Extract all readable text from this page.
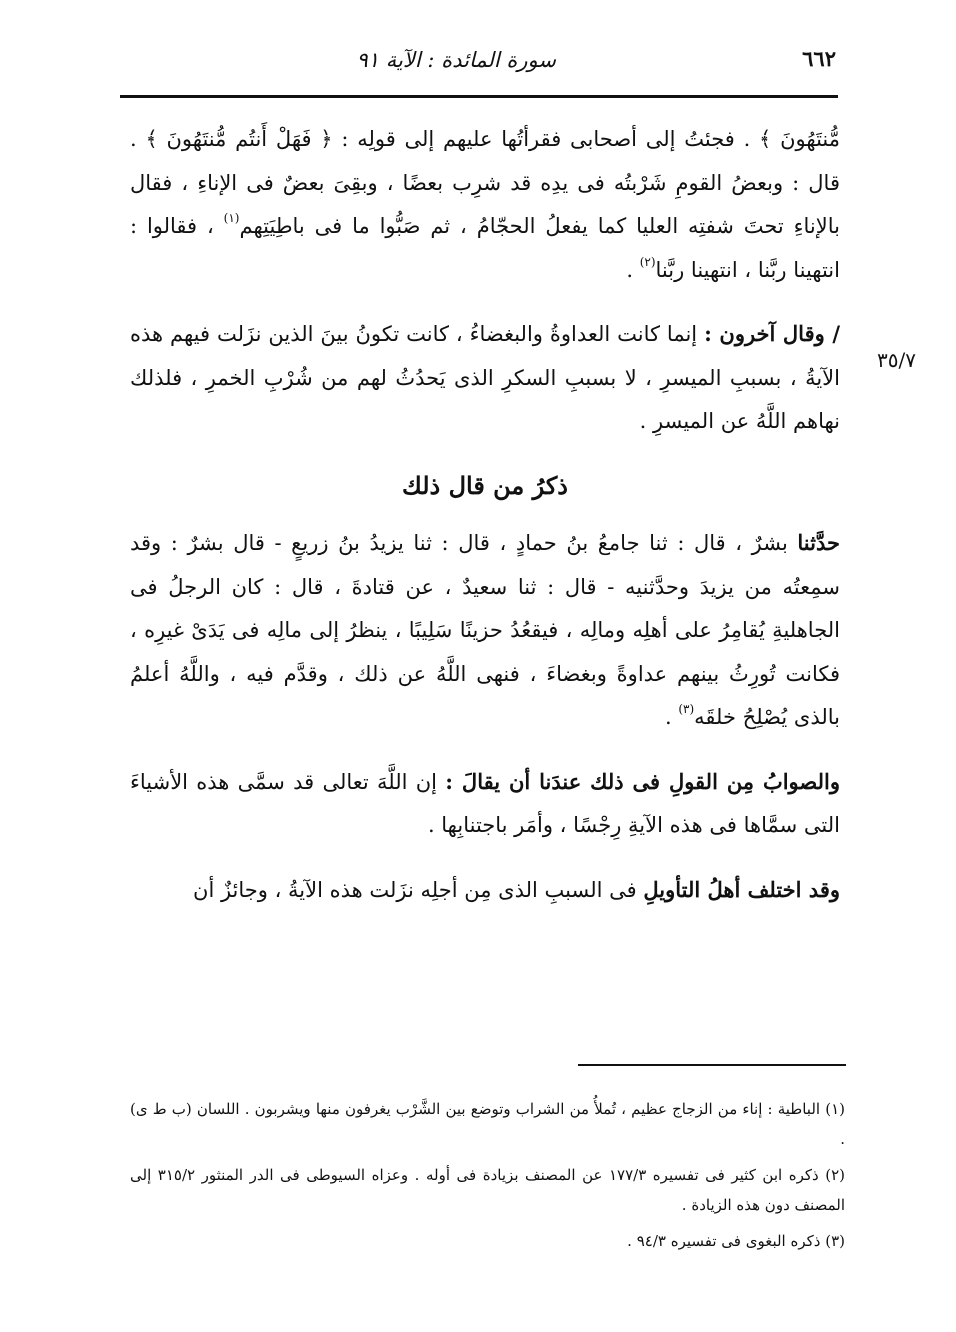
٦٦٢
سورة المائدة : الآية ٩١
٣٥/٧

مُّنتَهُونَ ﴾ . فجئتُ إلى أصحابى فقرأتُها عليهم إلى قولِه : ﴿ فَهَلْ أَنتُم مُّنتَهُونَ ﴾ . قال : وبعضُ القومِ شَرْبتُه فى يدِه قد شرِب بعضًا ، وبقِىَ بعضٌ فى الإناءِ ، فقال بالإناءِ تحتَ شفتِه العليا كما يفعلُ الحجّامُ ، ثم صَبُّوا ما فى باطِيَتِهم$^{(١)}$ ، فقالوا : انتهينا ربَّنا ، انتهينا ربَّنا$^{(٢)}$ .

/ وقال آخرون : إنما كانت العداوةُ والبغضاءُ ، كانت تكونُ بينَ الذين نزَلت فيهم هذه الآيةُ ، بسببِ الميسرِ ، لا بسببِ السكرِ الذى يَحدُثُ لهم من شُرْبِ الخمرِ ، فلذلك نهاهم اللَّهُ عن الميسرِ .

ذكرُ من قال ذلك

حدَّثنا بشرٌ ، قال : ثنا جامعُ بنُ حمادٍ ، قال : ثنا يزيدُ بنُ زريعٍ - قال بشرٌ : وقد سمِعتُه من يزيدَ وحدَّثنيه - قال : ثنا سعيدٌ ، عن قتادةَ ، قال : كان الرجلُ فى الجاهليةِ يُقامِرُ على أهلِه ومالِه ، فيقعُدُ حزينًا سَلِيبًا ، ينظرُ إلى مالِه فى يَدَىْ غيرِه ، فكانت تُورِثُ بينهم عداوةً وبغضاءَ ، فنهى اللَّهُ عن ذلك ، وقدَّم فيه ، واللَّهُ أعلمُ بالذى يُصْلِحُ خلقَه$^{(٣)}$ .

والصوابُ مِن القولِ فى ذلك عندَنا أن يقالَ : إن اللَّهَ تعالى قد سمَّى هذه الأشياءَ التى سمَّاها فى هذه الآيةِ رِجْسًا ، وأمَر باجتنابِها .

وقد اختلف أهلُ التأويلِ فى السببِ الذى مِن أجلِه نزَلت هذه الآيةُ ، وجائزٌ أن

(١) الباطية : إناء من الزجاج عظيم ، تُملأُ من الشراب وتوضع بين الشَّرْب يغرفون منها ويشربون . اللسان (ب ط ى) .

(٢) ذكره ابن كثير فى تفسيره ١٧٧/٣ عن المصنف بزيادة فى أوله . وعزاه السيوطى فى الدر المنثور ٣١٥/٢ إلى المصنف دون هذه الزيادة .

(٣) ذكره البغوى فى تفسيره ٩٤/٣ .
